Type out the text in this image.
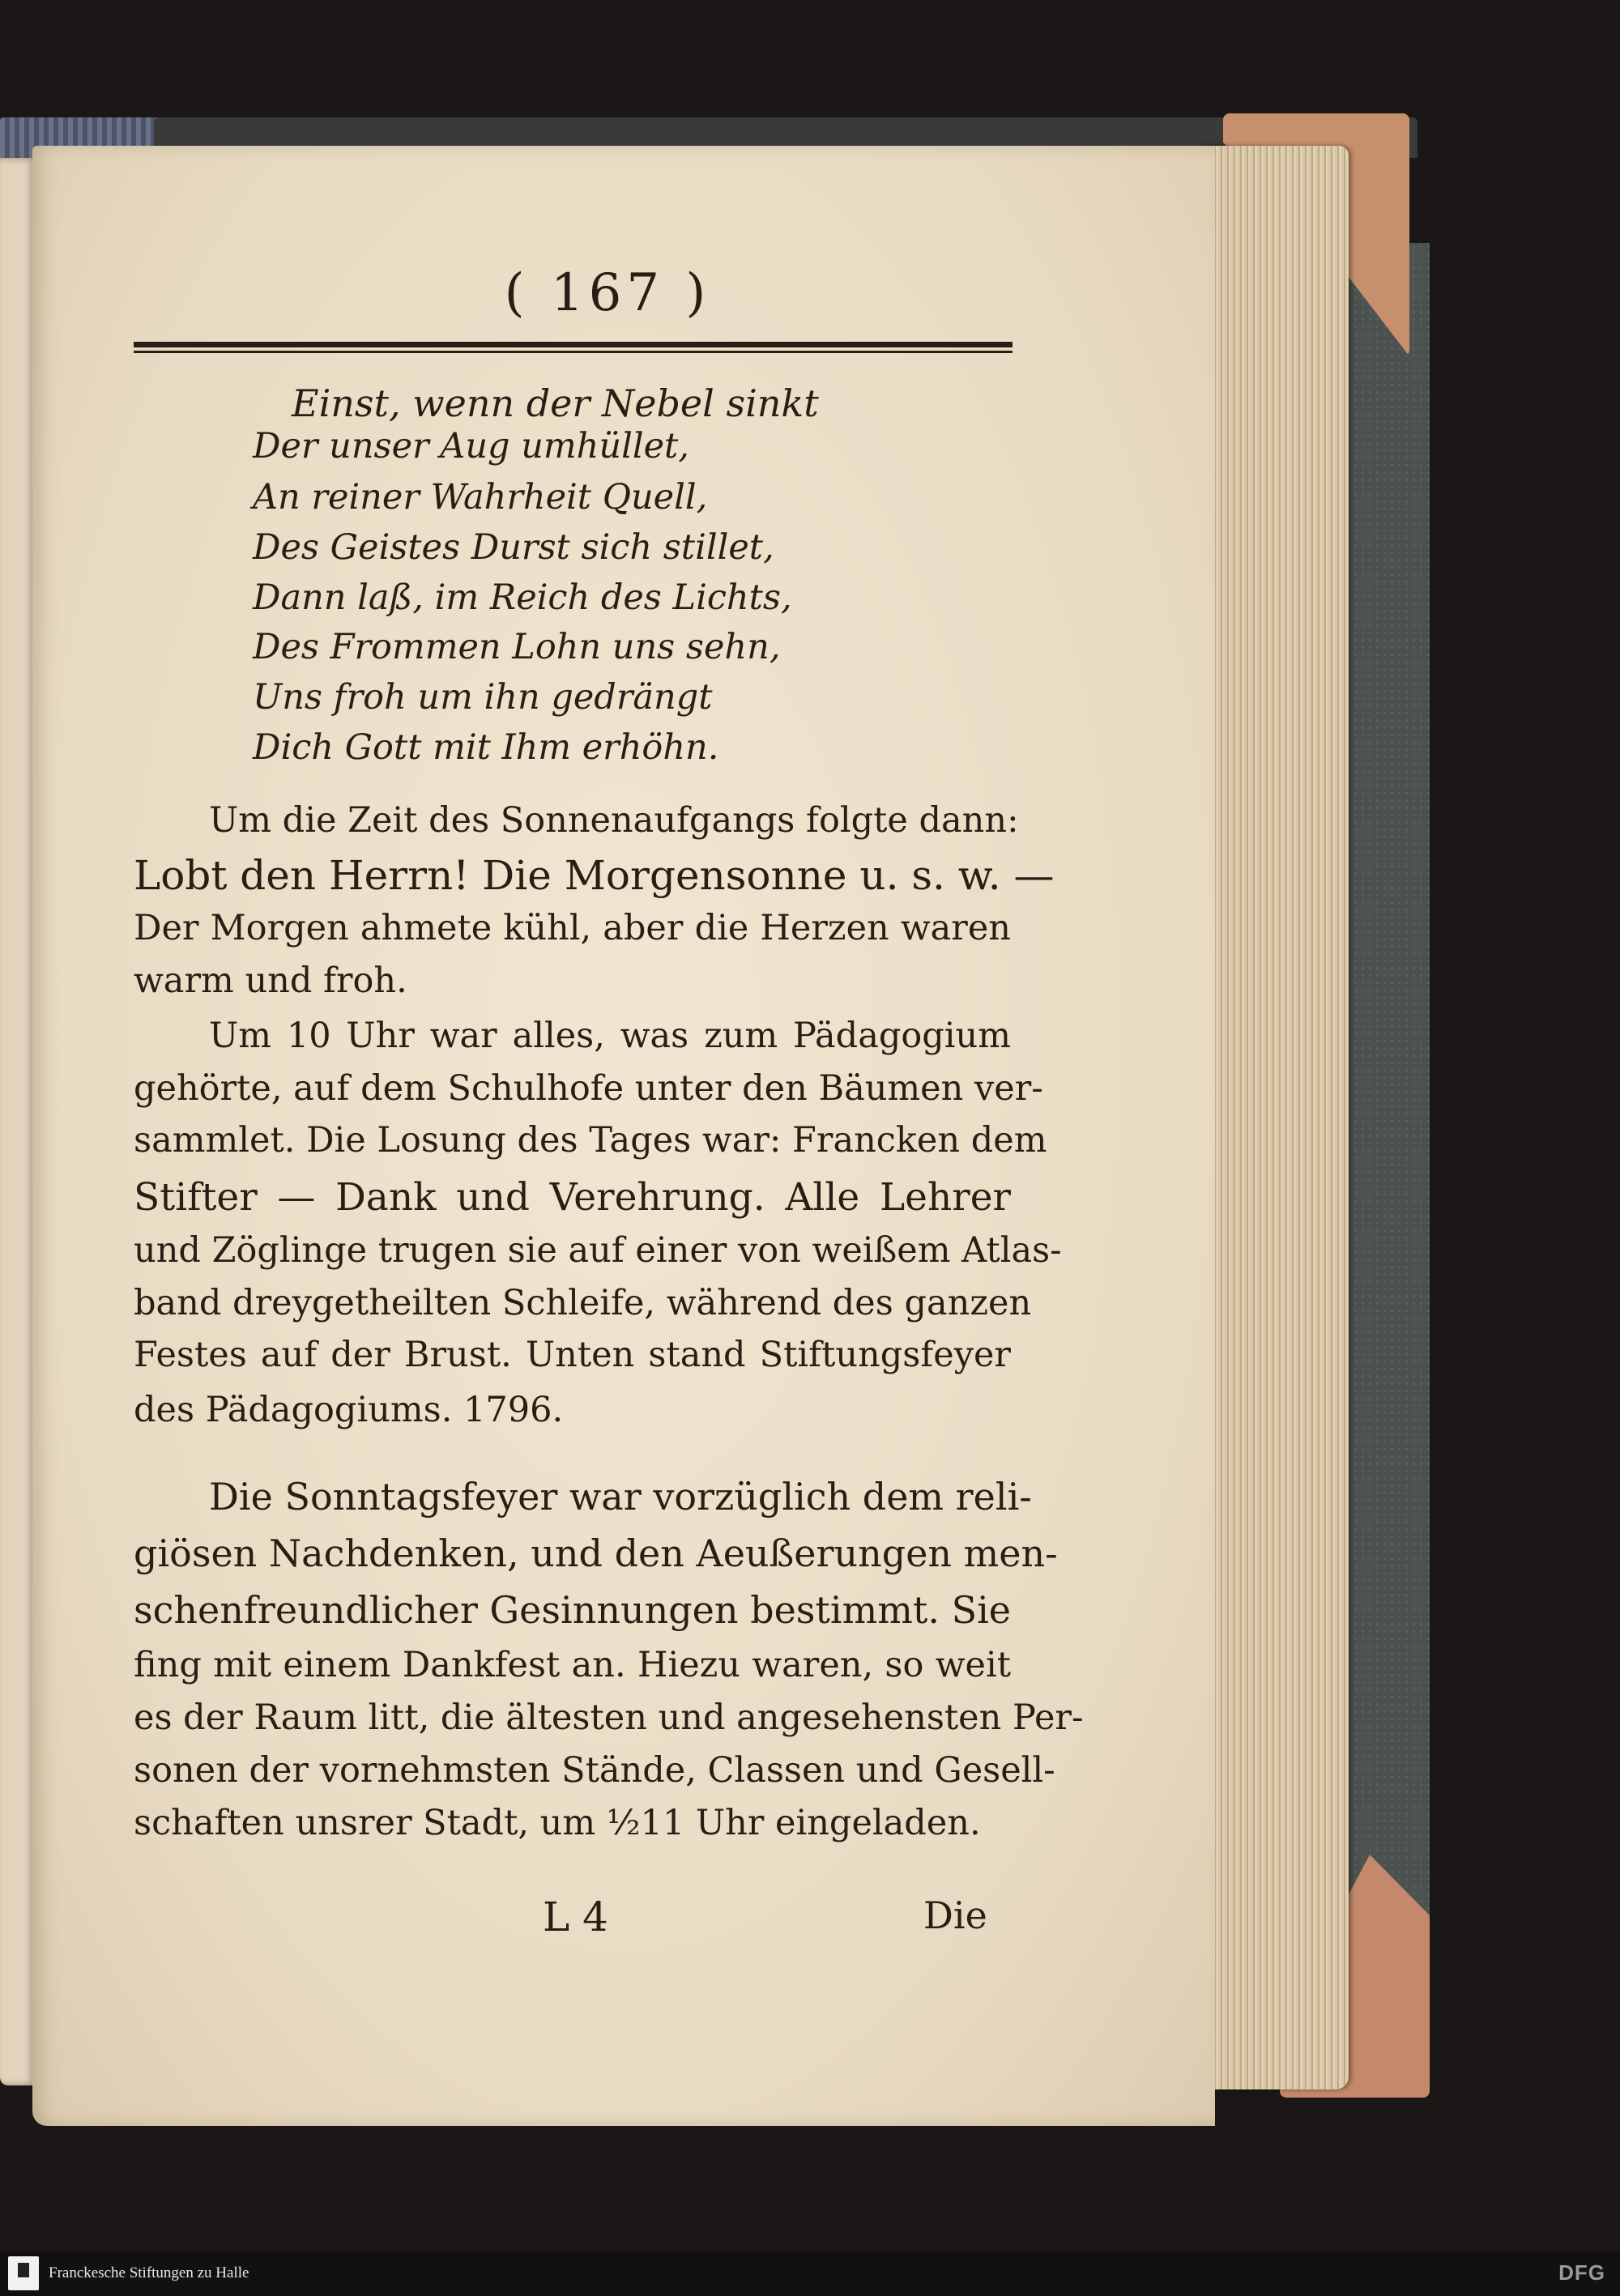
( 167 )
Einst, wenn der Nebel sinkt
Der unser Aug umhüllet,
An reiner Wahrheit Quell,
Des Geistes Durst sich stillet,
Dann laß, im Reich des Lichts,
Des Frommen Lohn uns sehn,
Uns froh um ihn gedrängt
Dich Gott mit Ihm erhöhn.
Um die Zeit des Sonnenaufgangs folgte dann:
Lobt den Herrn! Die Morgensonne u. s. w. —
Der Morgen ahmete kühl, aber die Herzen waren
warm und froh.
Um 10 Uhr war alles, was zum Pädagogium
gehörte, auf dem Schulhofe unter den Bäumen ver-
sammlet. Die Losung des Tages war: Francken dem
Stifter — Dank und Verehrung. Alle Lehrer
und Zöglinge trugen sie auf einer von weißem Atlas-
band dreygetheilten Schleife, während des ganzen
Festes auf der Brust. Unten stand Stiftungsfeyer
des Pädagogiums. 1796.
Die Sonntagsfeyer war vorzüglich dem reli-
giösen Nachdenken, und den Aeußerungen men-
schenfreundlicher Gesinnungen bestimmt. Sie
fing mit einem Dankfest an. Hiezu waren, so weit
es der Raum litt, die ältesten und angesehensten Per-
sonen der vornehmsten Stände, Classen und Gesell-
schaften unsrer Stadt, um ½11 Uhr eingeladen.
L 4	Die
Franckesche Stiftungen zu Halle	DFG
